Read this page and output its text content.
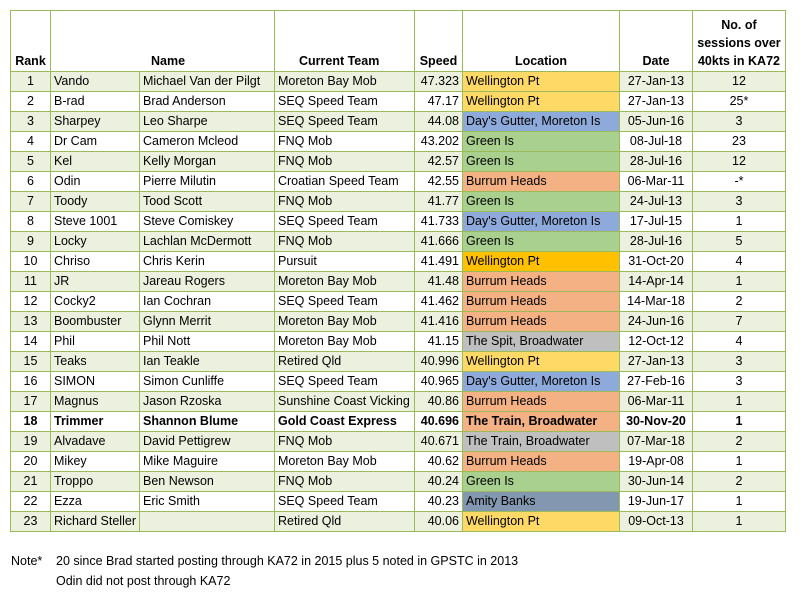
Rank	Name		Current Team	Speed	Location	Date	No. of sessions over 40kts in KA72
1	Vando	Michael Van der Pilgt	Moreton Bay Mob	47.323	Wellington Pt	27-Jan-13	12
2	B-rad	Brad Anderson	SEQ Speed Team	47.17	Wellington Pt	27-Jan-13	25*
3	Sharpey	Leo Sharpe	SEQ Speed Team	44.08	Day's Gutter, Moreton Is	05-Jun-16	3
4	Dr Cam	Cameron Mcleod	FNQ Mob	43.202	Green Is	08-Jul-18	23
5	Kel	Kelly Morgan	FNQ Mob	42.57	Green Is	28-Jul-16	12
6	Odin	Pierre Milutin	Croatian Speed Team	42.55	Burrum Heads	06-Mar-11	-*
7	Toody	Tood Scott	FNQ Mob	41.77	Green Is	24-Jul-13	3
8	Steve 1001	Steve Comiskey	SEQ Speed Team	41.733	Day's Gutter, Moreton Is	17-Jul-15	1
9	Locky	Lachlan McDermott	FNQ Mob	41.666	Green Is	28-Jul-16	5
10	Chriso	Chris Kerin	Pursuit	41.491	Wellington Pt	31-Oct-20	4
11	JR	Jareau Rogers	Moreton Bay Mob	41.48	Burrum Heads	14-Apr-14	1
12	Cocky2	Ian Cochran	SEQ Speed Team	41.462	Burrum Heads	14-Mar-18	2
13	Boombuster	Glynn Merrit	Moreton Bay Mob	41.416	Burrum Heads	24-Jun-16	7
14	Phil	Phil Nott	Moreton Bay Mob	41.15	The Spit, Broadwater	12-Oct-12	4
15	Teaks	Ian Teakle	Retired Qld	40.996	Wellington Pt	27-Jan-13	3
16	SIMON	Simon Cunliffe	SEQ Speed Team	40.965	Day's Gutter, Moreton Is	27-Feb-16	3
17	Magnus	Jason Rzoska	Sunshine Coast Vicking	40.86	Burrum Heads	06-Mar-11	1
18	Trimmer	Shannon Blume	Gold Coast Express	40.696	The Train, Broadwater	30-Nov-20	1
19	Alvadave	David Pettigrew	FNQ Mob	40.671	The Train, Broadwater	07-Mar-18	2
20	Mikey	Mike Maguire	Moreton Bay Mob	40.62	Burrum Heads	19-Apr-08	1
21	Troppo	Ben Newson	FNQ Mob	40.24	Green Is	30-Jun-14	2
22	Ezza	Eric Smith	SEQ Speed Team	40.23	Amity Banks	19-Jun-17	1
23	Richard Steller		Retired Qld	40.06	Wellington Pt	09-Oct-13	1
Note* 20 since Brad started posting through KA72 in 2015 plus 5 noted in GPSTC in 2013
Odin did not post through KA72
